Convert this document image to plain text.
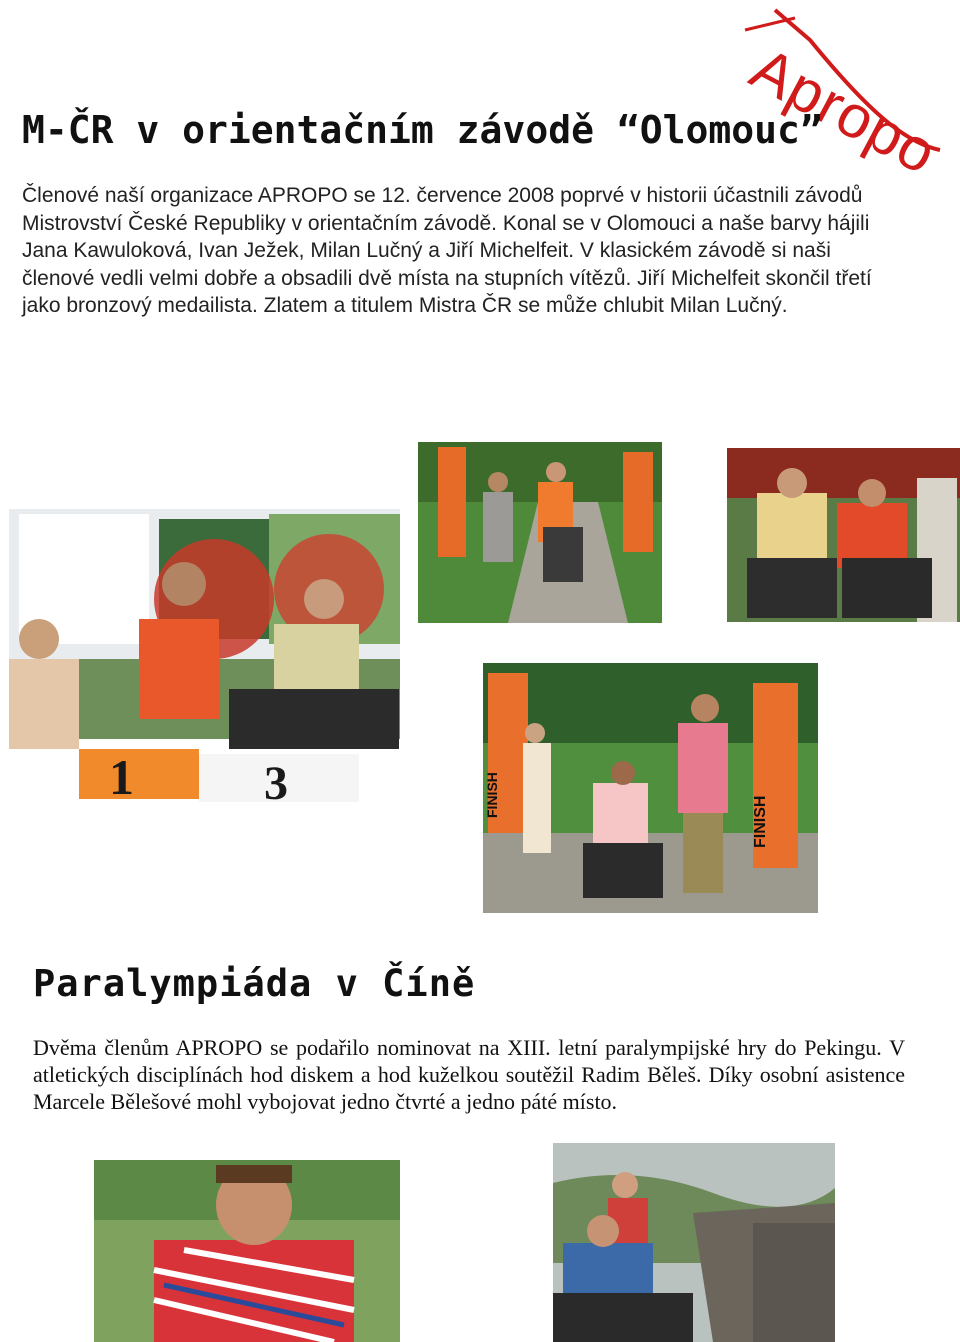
Apropo
M-ČR v orientačním závodě “Olomouc”

Členové naší organizace APROPO se 12. července 2008 poprvé v historii účastnili závodů Mistrovství České Republiky v orientačním závodě. Konal se v Olomouci a naše barvy hájili Jana Kawuloková, Ivan Ježek, Milan Lučný a Jiří Michelfeit. V klasickém závodě si naši členové vedli velmi dobře a obsadili dvě místa na stupních vítězů. Jiří Michelfeit skončil třetí jako bronzový medailista. Zlatem a titulem Mistra ČR se může chlubit Milan Lučný.

1	3	FINISH
FINISH
Paralympiáda v Číně

Dvěma členům APROPO se podařilo nominovat na XIII. letní paralympijské hry do Pekingu. V atletických disciplínách hod diskem a hod kuželkou soutěžil Radim Běleš. Díky osobní asistence Marcele Bělešové mohl vybojovat jedno čtvrté a jedno páté místo.
